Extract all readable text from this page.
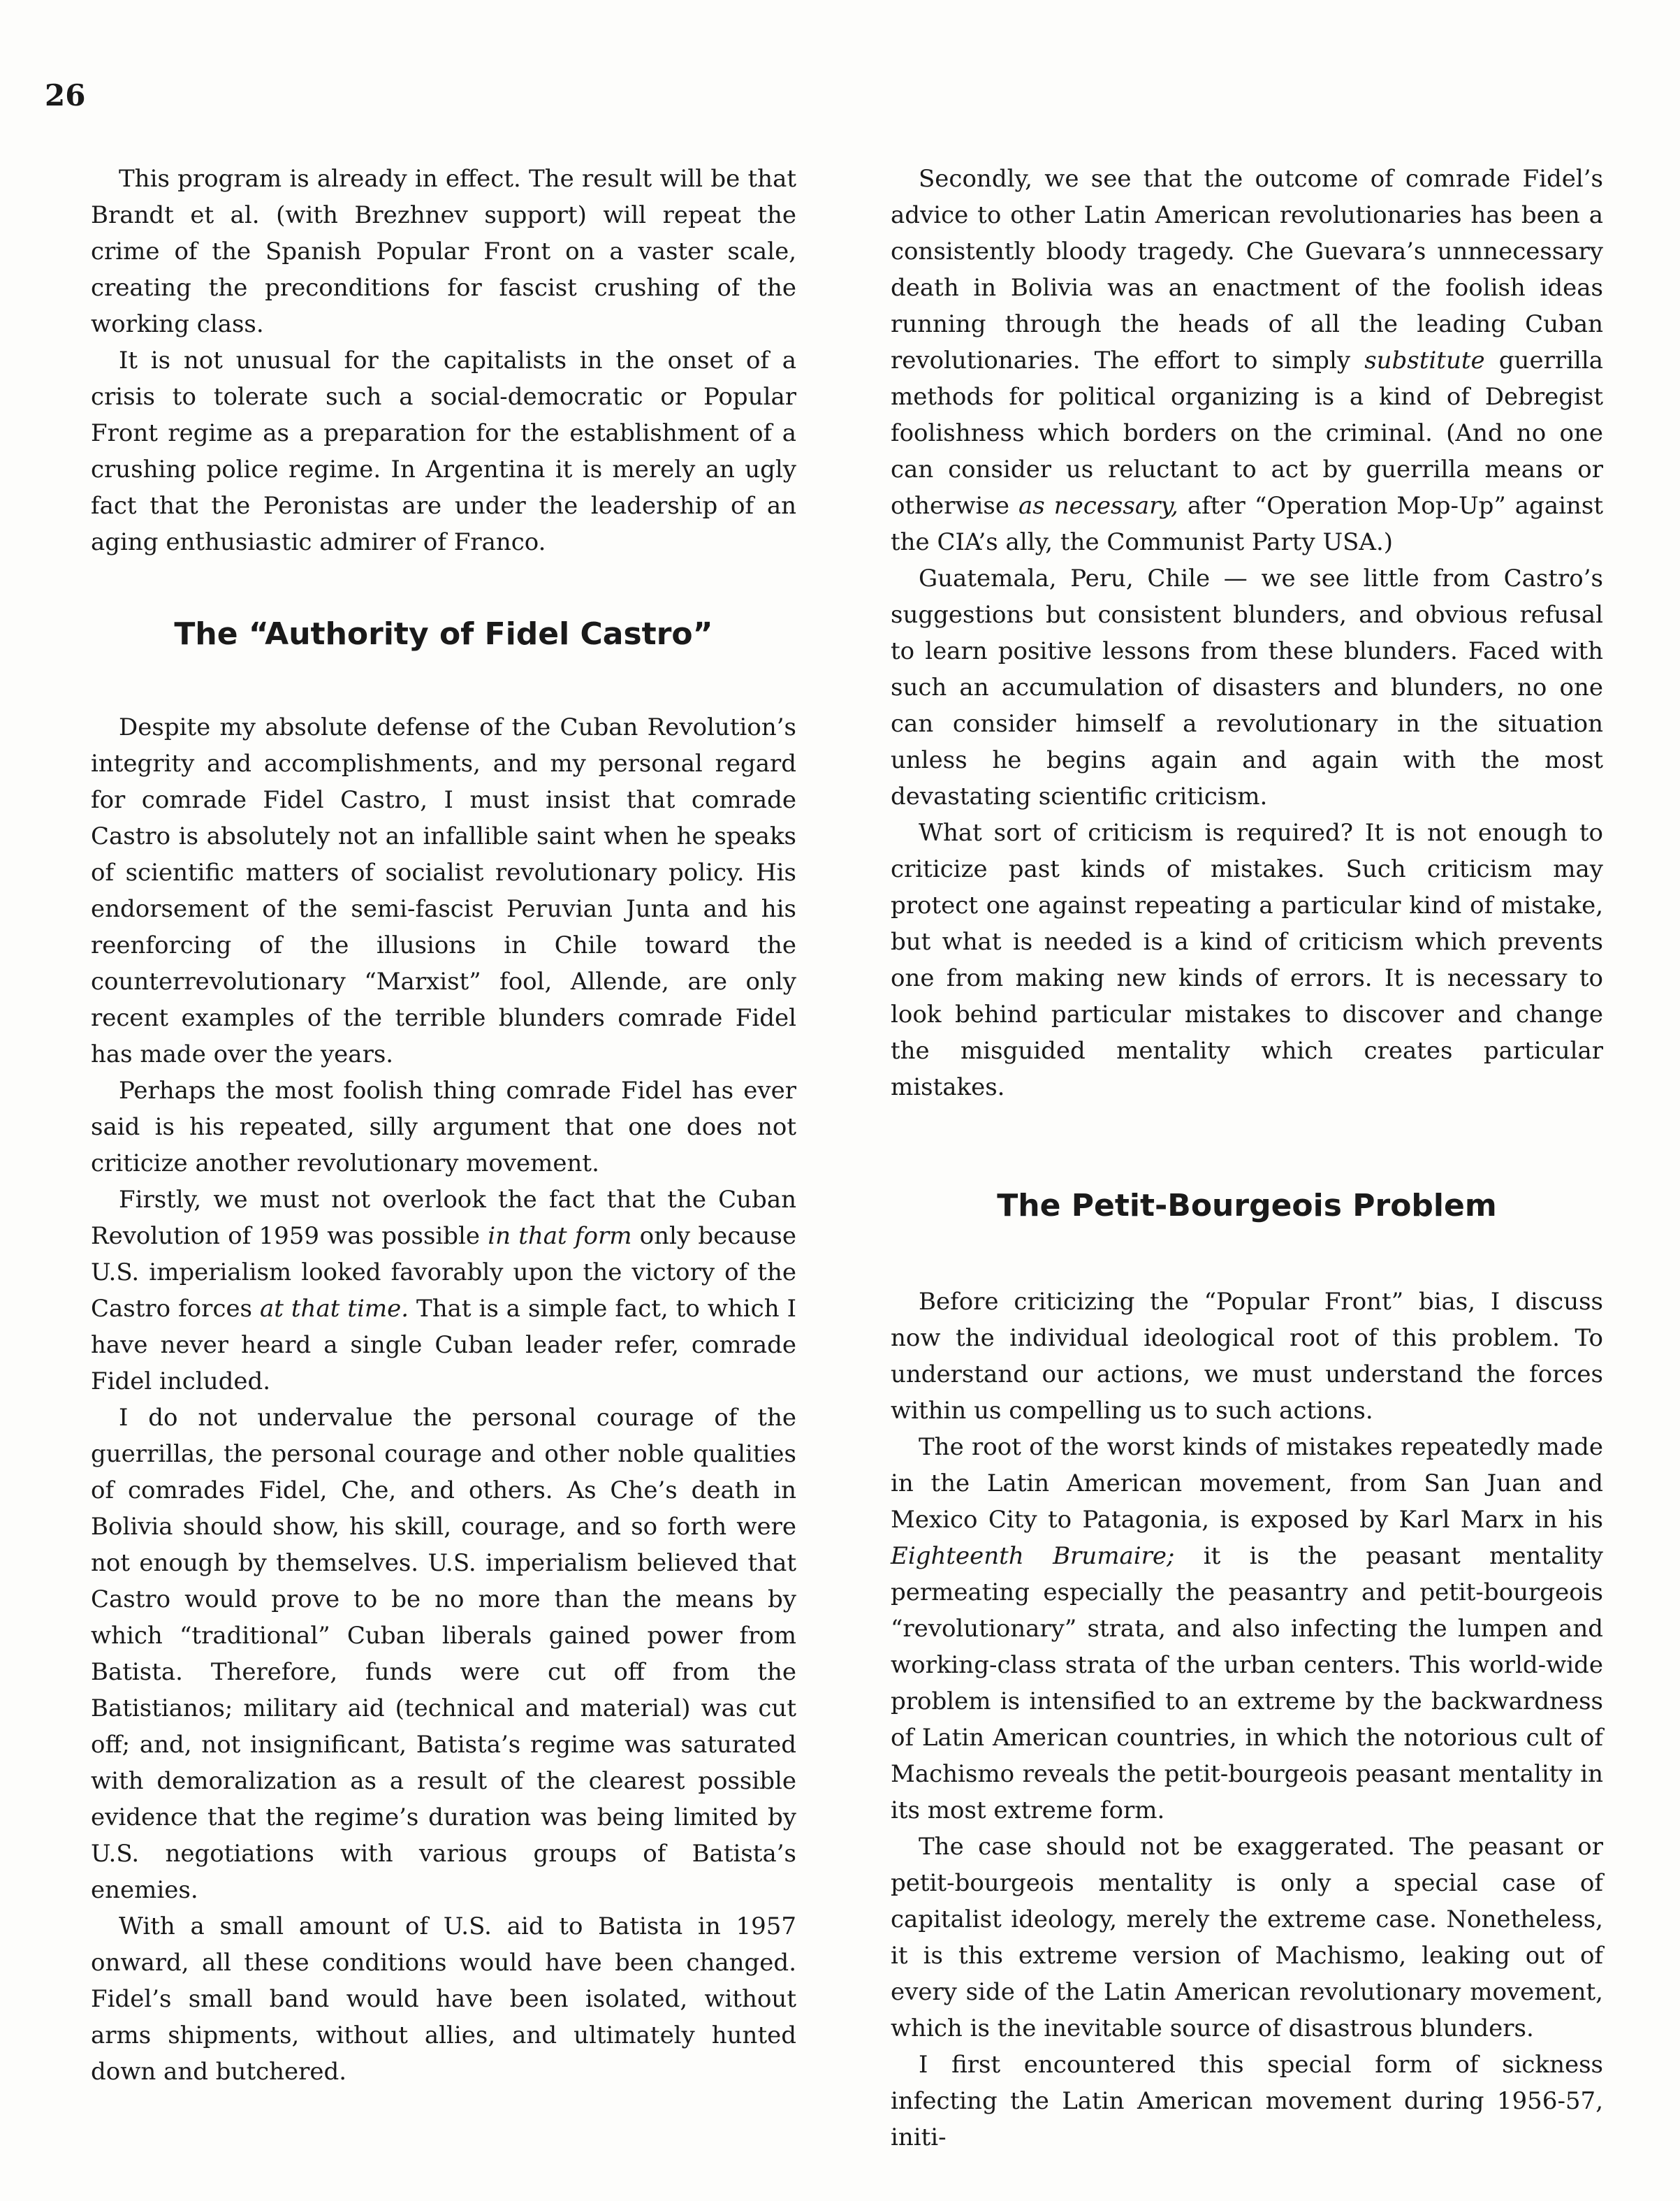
26

This program is already in effect. The result will be that Brandt et al. (with Brezhnev support) will repeat the crime of the Spanish Popular Front on a vaster scale, creating the preconditions for fascist crushing of the working class.

It is not unusual for the capitalists in the onset of a crisis to tolerate such a social-democratic or Popular Front regime as a preparation for the establishment of a crushing police regime. In Argentina it is merely an ugly fact that the Peronistas are under the leadership of an aging enthusiastic admirer of Franco.

The “Authority of Fidel Castro”

Despite my absolute defense of the Cuban Revolution’s integrity and accomplishments, and my personal regard for comrade Fidel Castro, I must insist that comrade Castro is absolutely not an infallible saint when he speaks of scientific matters of socialist revolutionary policy. His endorsement of the semi-fascist Peruvian Junta and his reenforcing of the illusions in Chile toward the counterrevolutionary “Marxist” fool, Allende, are only recent examples of the terrible blunders comrade Fidel has made over the years.

Perhaps the most foolish thing comrade Fidel has ever said is his repeated, silly argument that one does not criticize another revolutionary movement.

Firstly, we must not overlook the fact that the Cuban Revolution of 1959 was possible in that form only because U.S. imperialism looked favorably upon the victory of the Castro forces at that time. That is a simple fact, to which I have never heard a single Cuban leader refer, comrade Fidel included.

I do not undervalue the personal courage of the guerrillas, the personal courage and other noble qualities of comrades Fidel, Che, and others. As Che’s death in Bolivia should show, his skill, courage, and so forth were not enough by themselves. U.S. imperialism believed that Castro would prove to be no more than the means by which “traditional” Cuban liberals gained power from Batista. Therefore, funds were cut off from the Batistianos; military aid (technical and material) was cut off; and, not insignificant, Batista’s regime was saturated with demoralization as a result of the clearest possible evidence that the regime’s duration was being limited by U.S. negotiations with various groups of Batista’s enemies.

With a small amount of U.S. aid to Batista in 1957 onward, all these conditions would have been changed. Fidel’s small band would have been isolated, without arms shipments, without allies, and ultimately hunted down and butchered.

Secondly, we see that the outcome of comrade Fidel’s advice to other Latin American revolutionaries has been a consistently bloody tragedy. Che Guevara’s unnnecessary death in Bolivia was an enactment of the foolish ideas running through the heads of all the leading Cuban revolutionaries. The effort to simply substitute guerrilla methods for political organizing is a kind of Debregist foolishness which borders on the criminal. (And no one can consider us reluctant to act by guerrilla means or otherwise as necessary, after “Operation Mop-Up” against the CIA’s ally, the Communist Party USA.)

Guatemala, Peru, Chile — we see little from Castro’s suggestions but consistent blunders, and obvious refusal to learn positive lessons from these blunders. Faced with such an accumulation of disasters and blunders, no one can consider himself a revolutionary in the situation unless he begins again and again with the most devastating scientific criticism.

What sort of criticism is required? It is not enough to criticize past kinds of mistakes. Such criticism may protect one against repeating a particular kind of mistake, but what is needed is a kind of criticism which prevents one from making new kinds of errors. It is necessary to look behind particular mistakes to discover and change the misguided mentality which creates particular mistakes.

The Petit-Bourgeois Problem

Before criticizing the “Popular Front” bias, I discuss now the individual ideological root of this problem. To understand our actions, we must understand the forces within us compelling us to such actions.

The root of the worst kinds of mistakes repeatedly made in the Latin American movement, from San Juan and Mexico City to Patagonia, is exposed by Karl Marx in his Eighteenth Brumaire; it is the peasant mentality permeating especially the peasantry and petit-bourgeois “revolutionary” strata, and also infecting the lumpen and working-class strata of the urban centers. This world-wide problem is intensified to an extreme by the backwardness of Latin American countries, in which the notorious cult of Machismo reveals the petit-bourgeois peasant mentality in its most extreme form.

The case should not be exaggerated. The peasant or petit-bourgeois mentality is only a special case of capitalist ideology, merely the extreme case. Nonetheless, it is this extreme version of Machismo, leaking out of every side of the Latin American revolutionary movement, which is the inevitable source of disastrous blunders.

I first encountered this special form of sickness infecting the Latin American movement during 1956-57, initi-
